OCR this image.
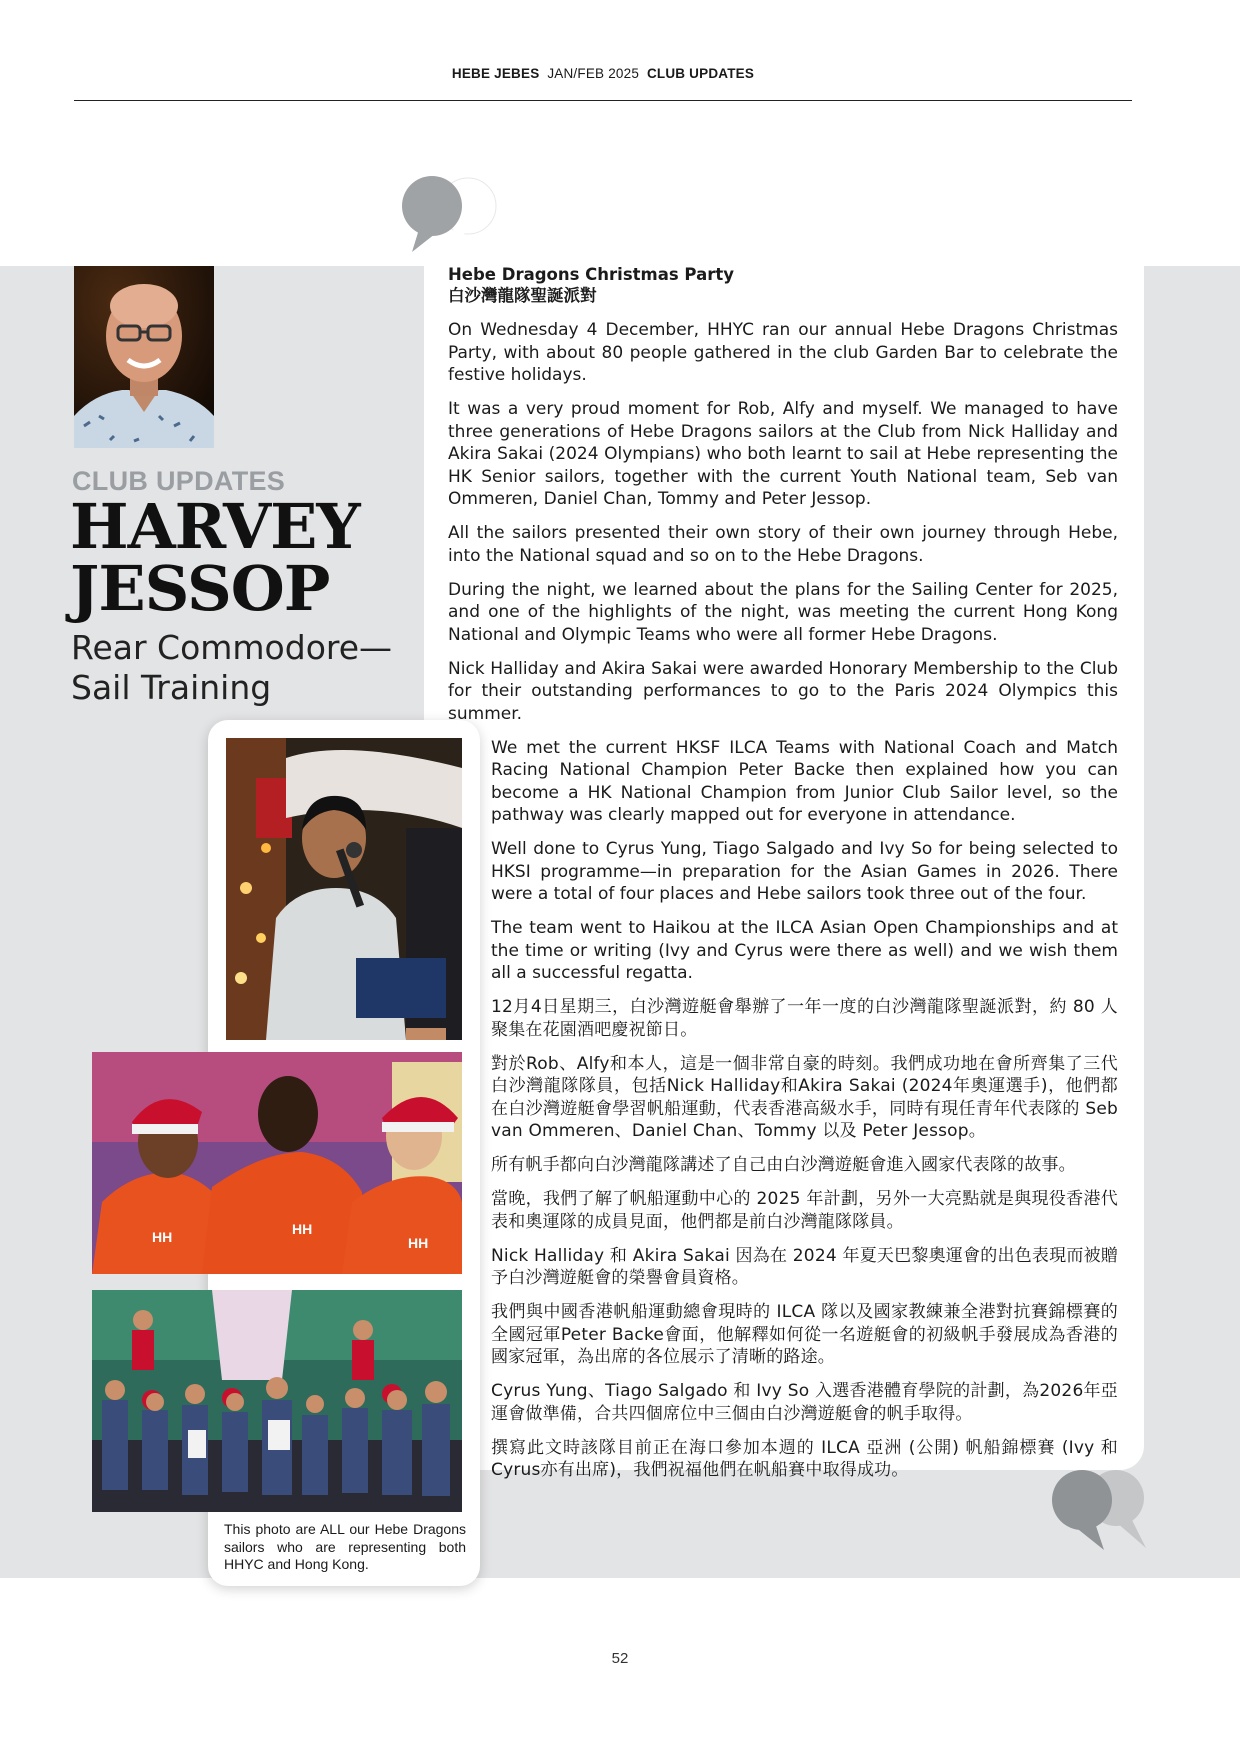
HEBE JEBES JAN/FEB 2025 CLUB UPDATES
CLUB UPDATES
HARVEY
JESSOP
Rear Commodore—
Sail Training
HH
HH	HH
This photo are ALL our Hebe Dragons sailors who are representing both HHYC and Hong Kong.
Hebe Dragons Christmas Party
白沙灣龍隊聖誕派對

On Wednesday 4 December, HHYC ran our annual Hebe Dragons Christmas Party, with about 80 people gathered in the club Garden Bar to celebrate the festive holidays.

It was a very proud moment for Rob, Alfy and myself. We managed to have three generations of Hebe Dragons sailors at the Club from Nick Halliday and Akira Sakai (2024 Olympians) who both learnt to sail at Hebe representing the HK Senior sailors, together with the current Youth National team, Seb van Ommeren, Daniel Chan, Tommy and Peter Jessop.

All the sailors presented their own story of their own journey through Hebe, into the National squad and so on to the Hebe Dragons.

During the night, we learned about the plans for the Sailing Center for 2025, and one of the highlights of the night, was meeting the current Hong Kong National and Olympic Teams who were all former Hebe Dragons.

Nick Halliday and Akira Sakai were awarded Honorary Membership to the Club for their outstanding performances to go to the Paris 2024 Olympics this summer.

We met the current HKSF ILCA Teams with National Coach and Match Racing National Champion Peter Backe then explained how you can become a HK National Champion from Junior Club Sailor level, so the pathway was clearly mapped out for everyone in attendance.

Well done to Cyrus Yung, Tiago Salgado and Ivy So for being selected to HKSI programme—in preparation for the Asian Games in 2026. There were a total of four places and Hebe sailors took three out of the four.

The team went to Haikou at the ILCA Asian Open Championships and at the time or writing (Ivy and Cyrus were there as well) and we wish them all a successful regatta.

12月4日星期三，白沙灣遊艇會舉辦了一年一度的白沙灣龍隊聖誕派對，約 80 人聚集在花園酒吧慶祝節日。

對於Rob、Alfy和本人，這是一個非常自豪的時刻。我們成功地在會所齊集了三代白沙灣龍隊隊員，包括Nick Halliday和Akira Sakai (2024年奧運選手)，他們都在白沙灣遊艇會學習帆船運動，代表香港高級水手，同時有現任青年代表隊的 Seb van Ommeren、Daniel Chan、Tommy 以及 Peter Jessop。

所有帆手都向白沙灣龍隊講述了自己由白沙灣遊艇會進入國家代表隊的故事。

當晚，我們了解了帆船運動中心的 2025 年計劃，另外一大亮點就是與現役香港代表和奧運隊的成員見面，他們都是前白沙灣龍隊隊員。

Nick Halliday 和 Akira Sakai 因為在 2024 年夏天巴黎奧運會的出色表現而被贈予白沙灣遊艇會的榮譽會員資格。

我們與中國香港帆船運動總會現時的 ILCA 隊以及國家教練兼全港對抗賽錦標賽的全國冠軍Peter Backe會面，他解釋如何從一名遊艇會的初級帆手發展成為香港的國家冠軍，為出席的各位展示了清晰的路途。

Cyrus Yung、Tiago Salgado 和 Ivy So 入選香港體育學院的計劃，為2026年亞運會做準備，合共四個席位中三個由白沙灣遊艇會的帆手取得。

撰寫此文時該隊目前正在海口參加本週的 ILCA 亞洲 (公開) 帆船錦標賽 (Ivy 和 Cyrus亦有出席)，我們祝福他們在帆船賽中取得成功。

52
